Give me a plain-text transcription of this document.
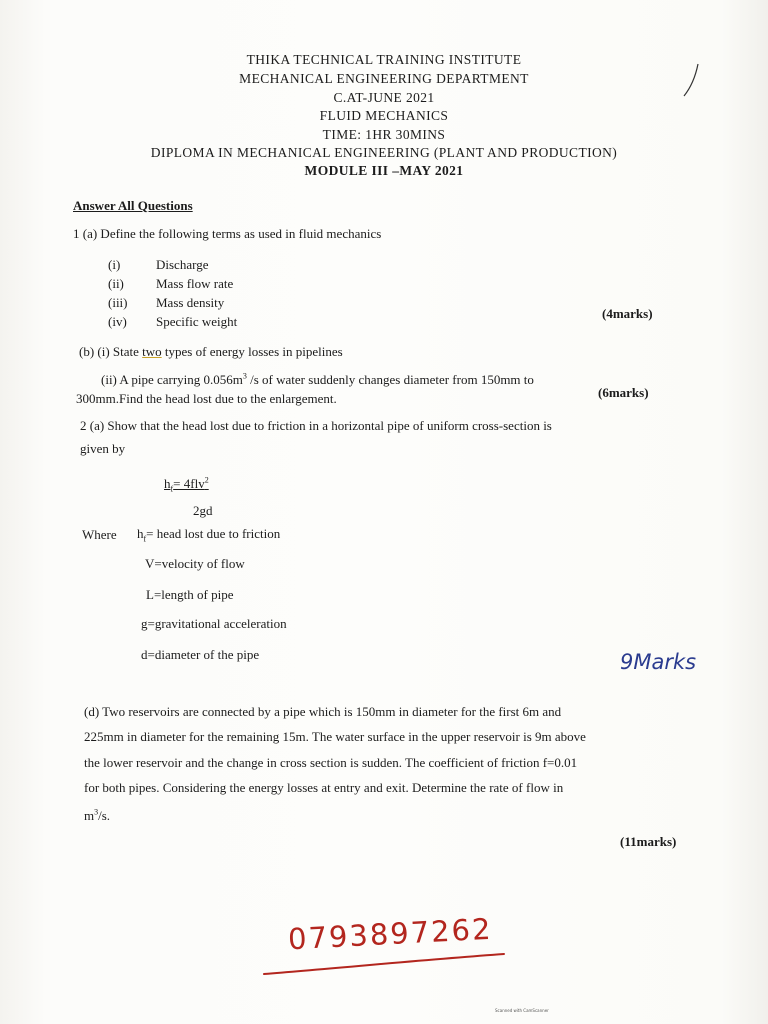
THIKA TECHNICAL TRAINING INSTITUTE
MECHANICAL ENGINEERING DEPARTMENT
C.AT-JUNE 2021
FLUID MECHANICS
TIME: 1HR 30MINS
DIPLOMA IN MECHANICAL ENGINEERING (PLANT AND PRODUCTION)
MODULE III –MAY 2021
Answer All Questions
1 (a) Define the following terms as used in fluid mechanics
(i)	Discharge
(ii) Mass flow rate
(iii) Mass density
(iv) Specific weight
(4marks)
(b) (i) State two types of energy losses in pipelines
(ii) A pipe carrying $0.056m^3$ /s of water suddenly changes diameter from 150mm to
300mm.Find the head lost due to the enlargement.	(6marks)
2 (a) Show that the head lost due to friction in a horizontal pipe of uniform cross-section is
given by
$h_f= 4flv^2$
2gd
Where $h_f=$ head lost due to friction
V=velocity of flow
L=length of pipe
g=gravitational acceleration
d=diameter of the pipe	9Marks
(d) Two reservoirs are connected by a pipe which is 150mm in diameter for the first 6m and
225mm in diameter for the remaining 15m. The water surface in the upper reservoir is 9m above
the lower reservoir and the change in cross section is sudden. The coefficient of friction f=0.01
for both pipes. Considering the energy losses at entry and exit. Determine the rate of flow in
$m^3/s$.
(11marks)
0793897262
Scanned with CamScanner
